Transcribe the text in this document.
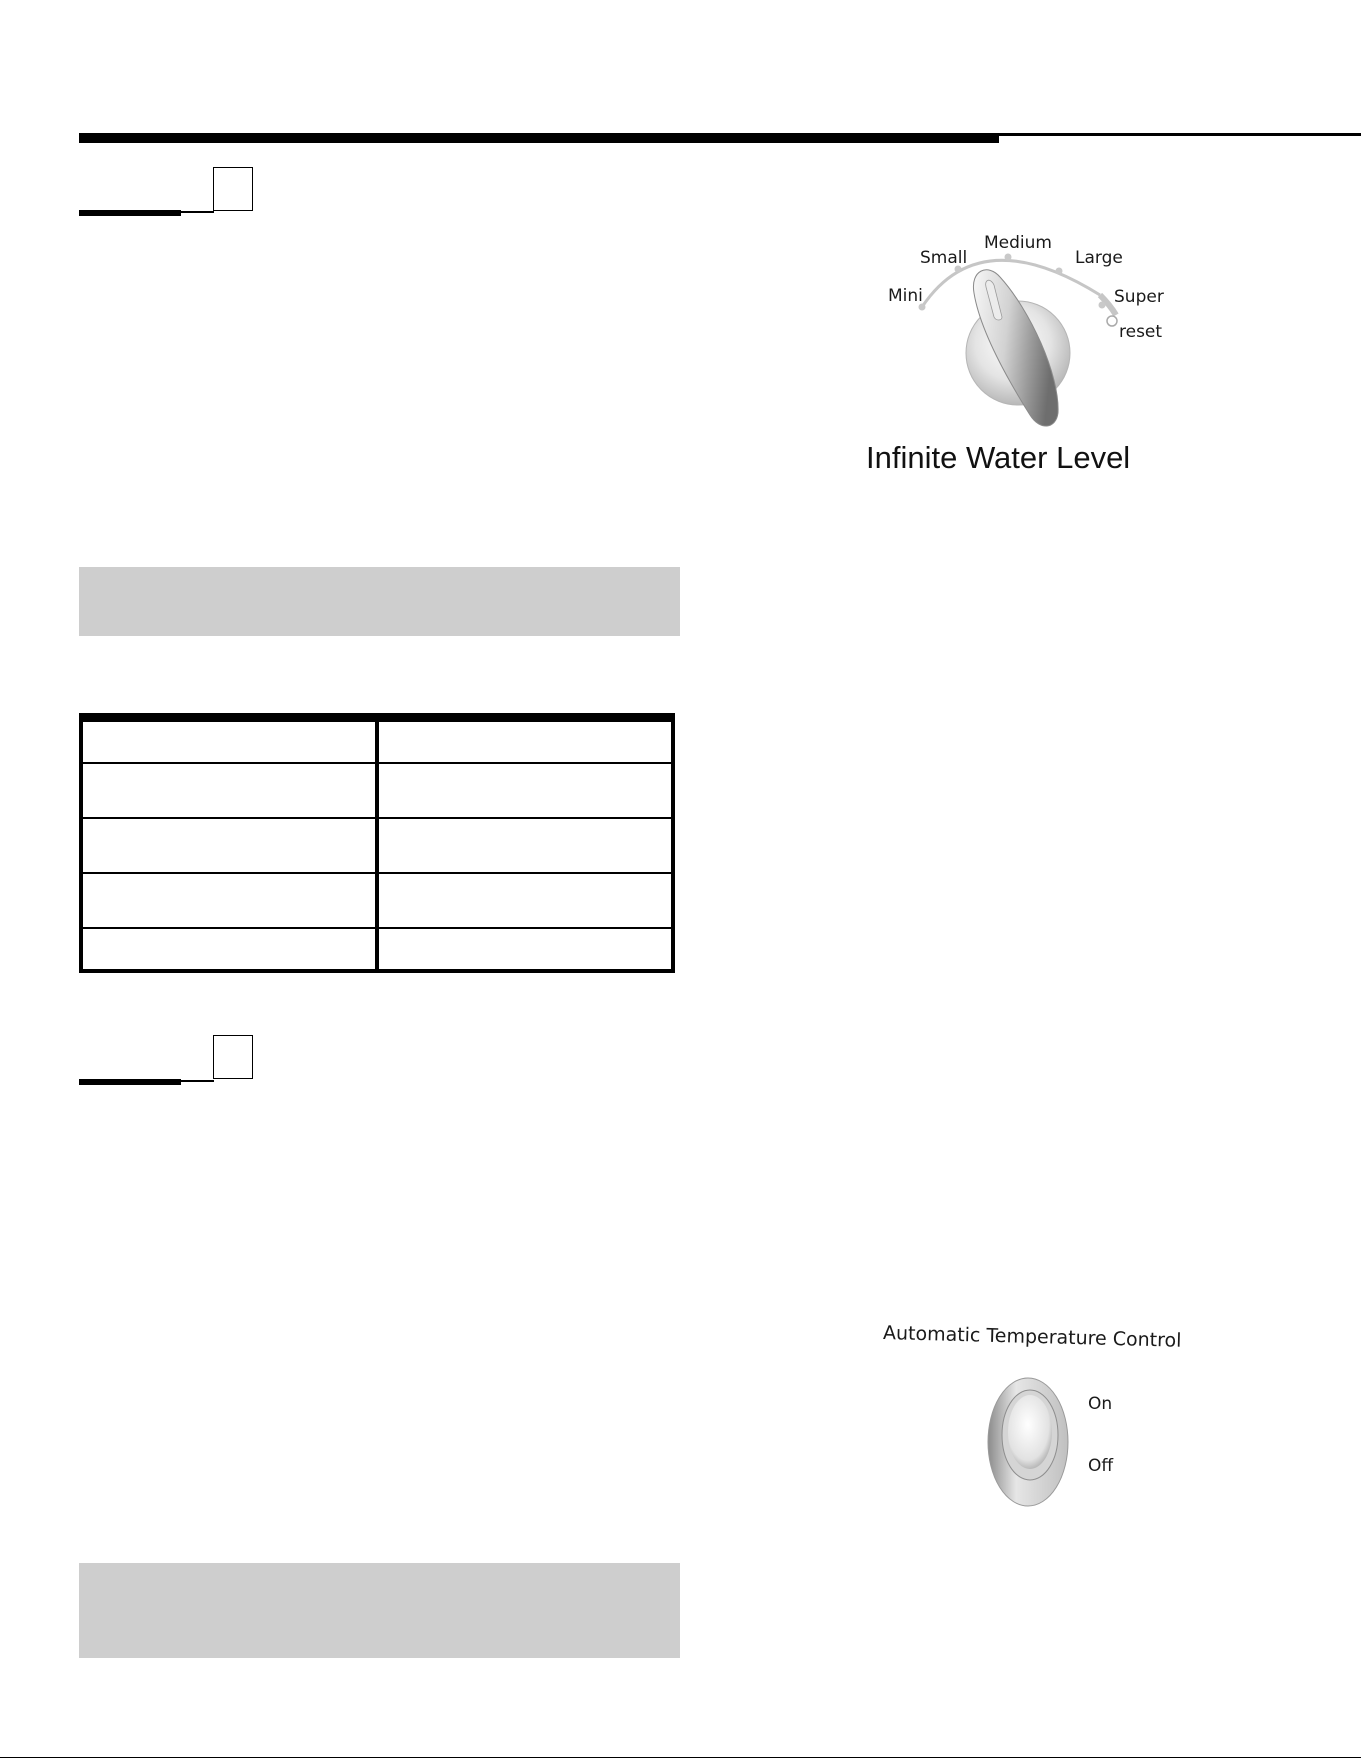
Mini
Small
Medium
Large
Super
reset
Infinite Water Level

Automatic Temperature Control
On
Off
